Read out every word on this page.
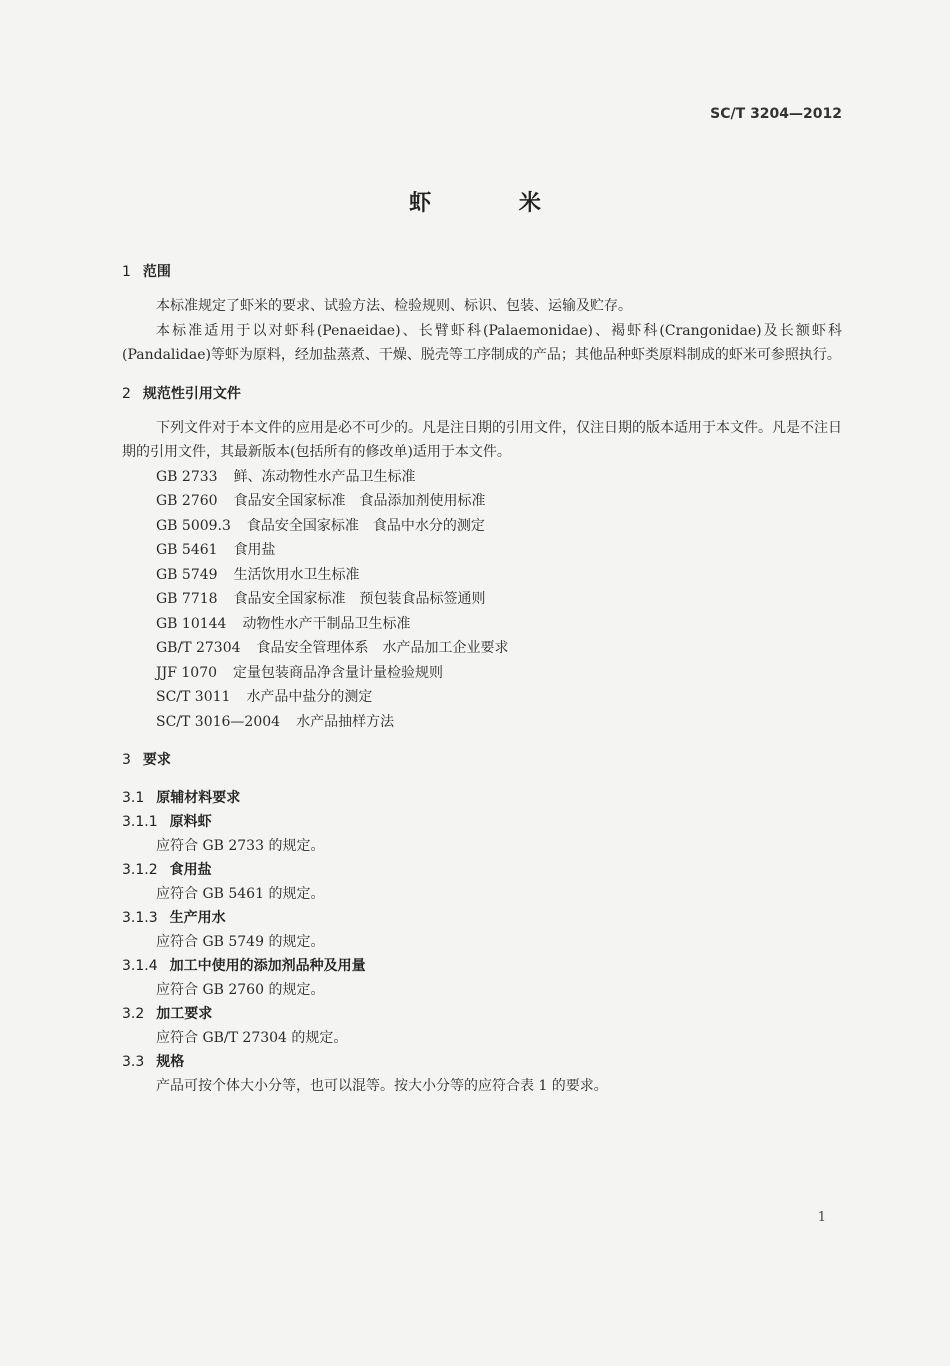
SC/T 3204—2012
虾 米
1 范围

本标准规定了虾米的要求、试验方法、检验规则、标识、包装、运输及贮存。

本标准适用于以对虾科(Penaeidae)、长臂虾科(Palaemonidae)、褐虾科(Crangonidae)及长额虾科(Pandalidae)等虾为原料，经加盐蒸煮、干燥、脱壳等工序制成的产品；其他品种虾类原料制成的虾米可参照执行。

2 规范性引用文件

下列文件对于本文件的应用是必不可少的。凡是注日期的引用文件，仅注日期的版本适用于本文件。凡是不注日期的引用文件，其最新版本(包括所有的修改单)适用于本文件。

GB 2733 鲜、冻动物性水产品卫生标准
GB 2760 食品安全国家标准　食品添加剂使用标准
GB 5009.3 食品安全国家标准　食品中水分的测定
GB 5461 食用盐
GB 5749 生活饮用水卫生标准
GB 7718 食品安全国家标准　预包装食品标签通则
GB 10144 动物性水产干制品卫生标准
GB/T 27304 食品安全管理体系　水产品加工企业要求
JJF 1070 定量包装商品净含量计量检验规则
SC/T 3011 水产品中盐分的测定
SC/T 3016—2004 水产品抽样方法
3 要求
3.1 原辅材料要求
3.1.1 原料虾
应符合 GB 2733 的规定。
3.1.2 食用盐
应符合 GB 5461 的规定。
3.1.3 生产用水
应符合 GB 5749 的规定。
3.1.4 加工中使用的添加剂品种及用量
应符合 GB 2760 的规定。
3.2 加工要求
应符合 GB/T 27304 的规定。
3.3 规格
产品可按个体大小分等，也可以混等。按大小分等的应符合表 1 的要求。
1
